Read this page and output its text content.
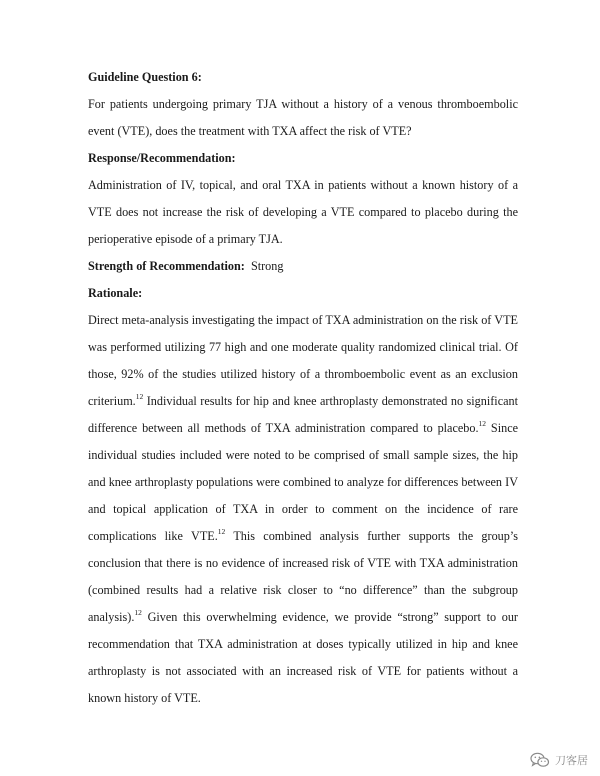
Guideline Question 6:

For patients undergoing primary TJA without a history of a venous thromboembolic event (VTE), does the treatment with TXA affect the risk of VTE?

Response/Recommendation:

Administration of IV, topical, and oral TXA in patients without a known history of a VTE does not increase the risk of developing a VTE compared to placebo during the perioperative episode of a primary TJA.

Strength of Recommendation: Strong

Rationale:

Direct meta-analysis investigating the impact of TXA administration on the risk of VTE was performed utilizing 77 high and one moderate quality randomized clinical trial. Of those, 92% of the studies utilized history of a thromboembolic event as an exclusion criterium.$^{12}$ Individual results for hip and knee arthroplasty demonstrated no significant difference between all methods of TXA administration compared to placebo.$^{12}$ Since individual studies included were noted to be comprised of small sample sizes, the hip and knee arthroplasty populations were combined to analyze for differences between IV and topical application of TXA in order to comment on the incidence of rare complications like VTE.$^{12}$ This combined analysis further supports the group’s conclusion that there is no evidence of increased risk of VTE with TXA administration (combined results had a relative risk closer to “no difference” than the subgroup analysis).$^{12}$ Given this overwhelming evidence, we provide “strong” support to our recommendation that TXA administration at doses typically utilized in hip and knee arthroplasty is not associated with an increased risk of VTE for patients without a known history of VTE.

刀客居
